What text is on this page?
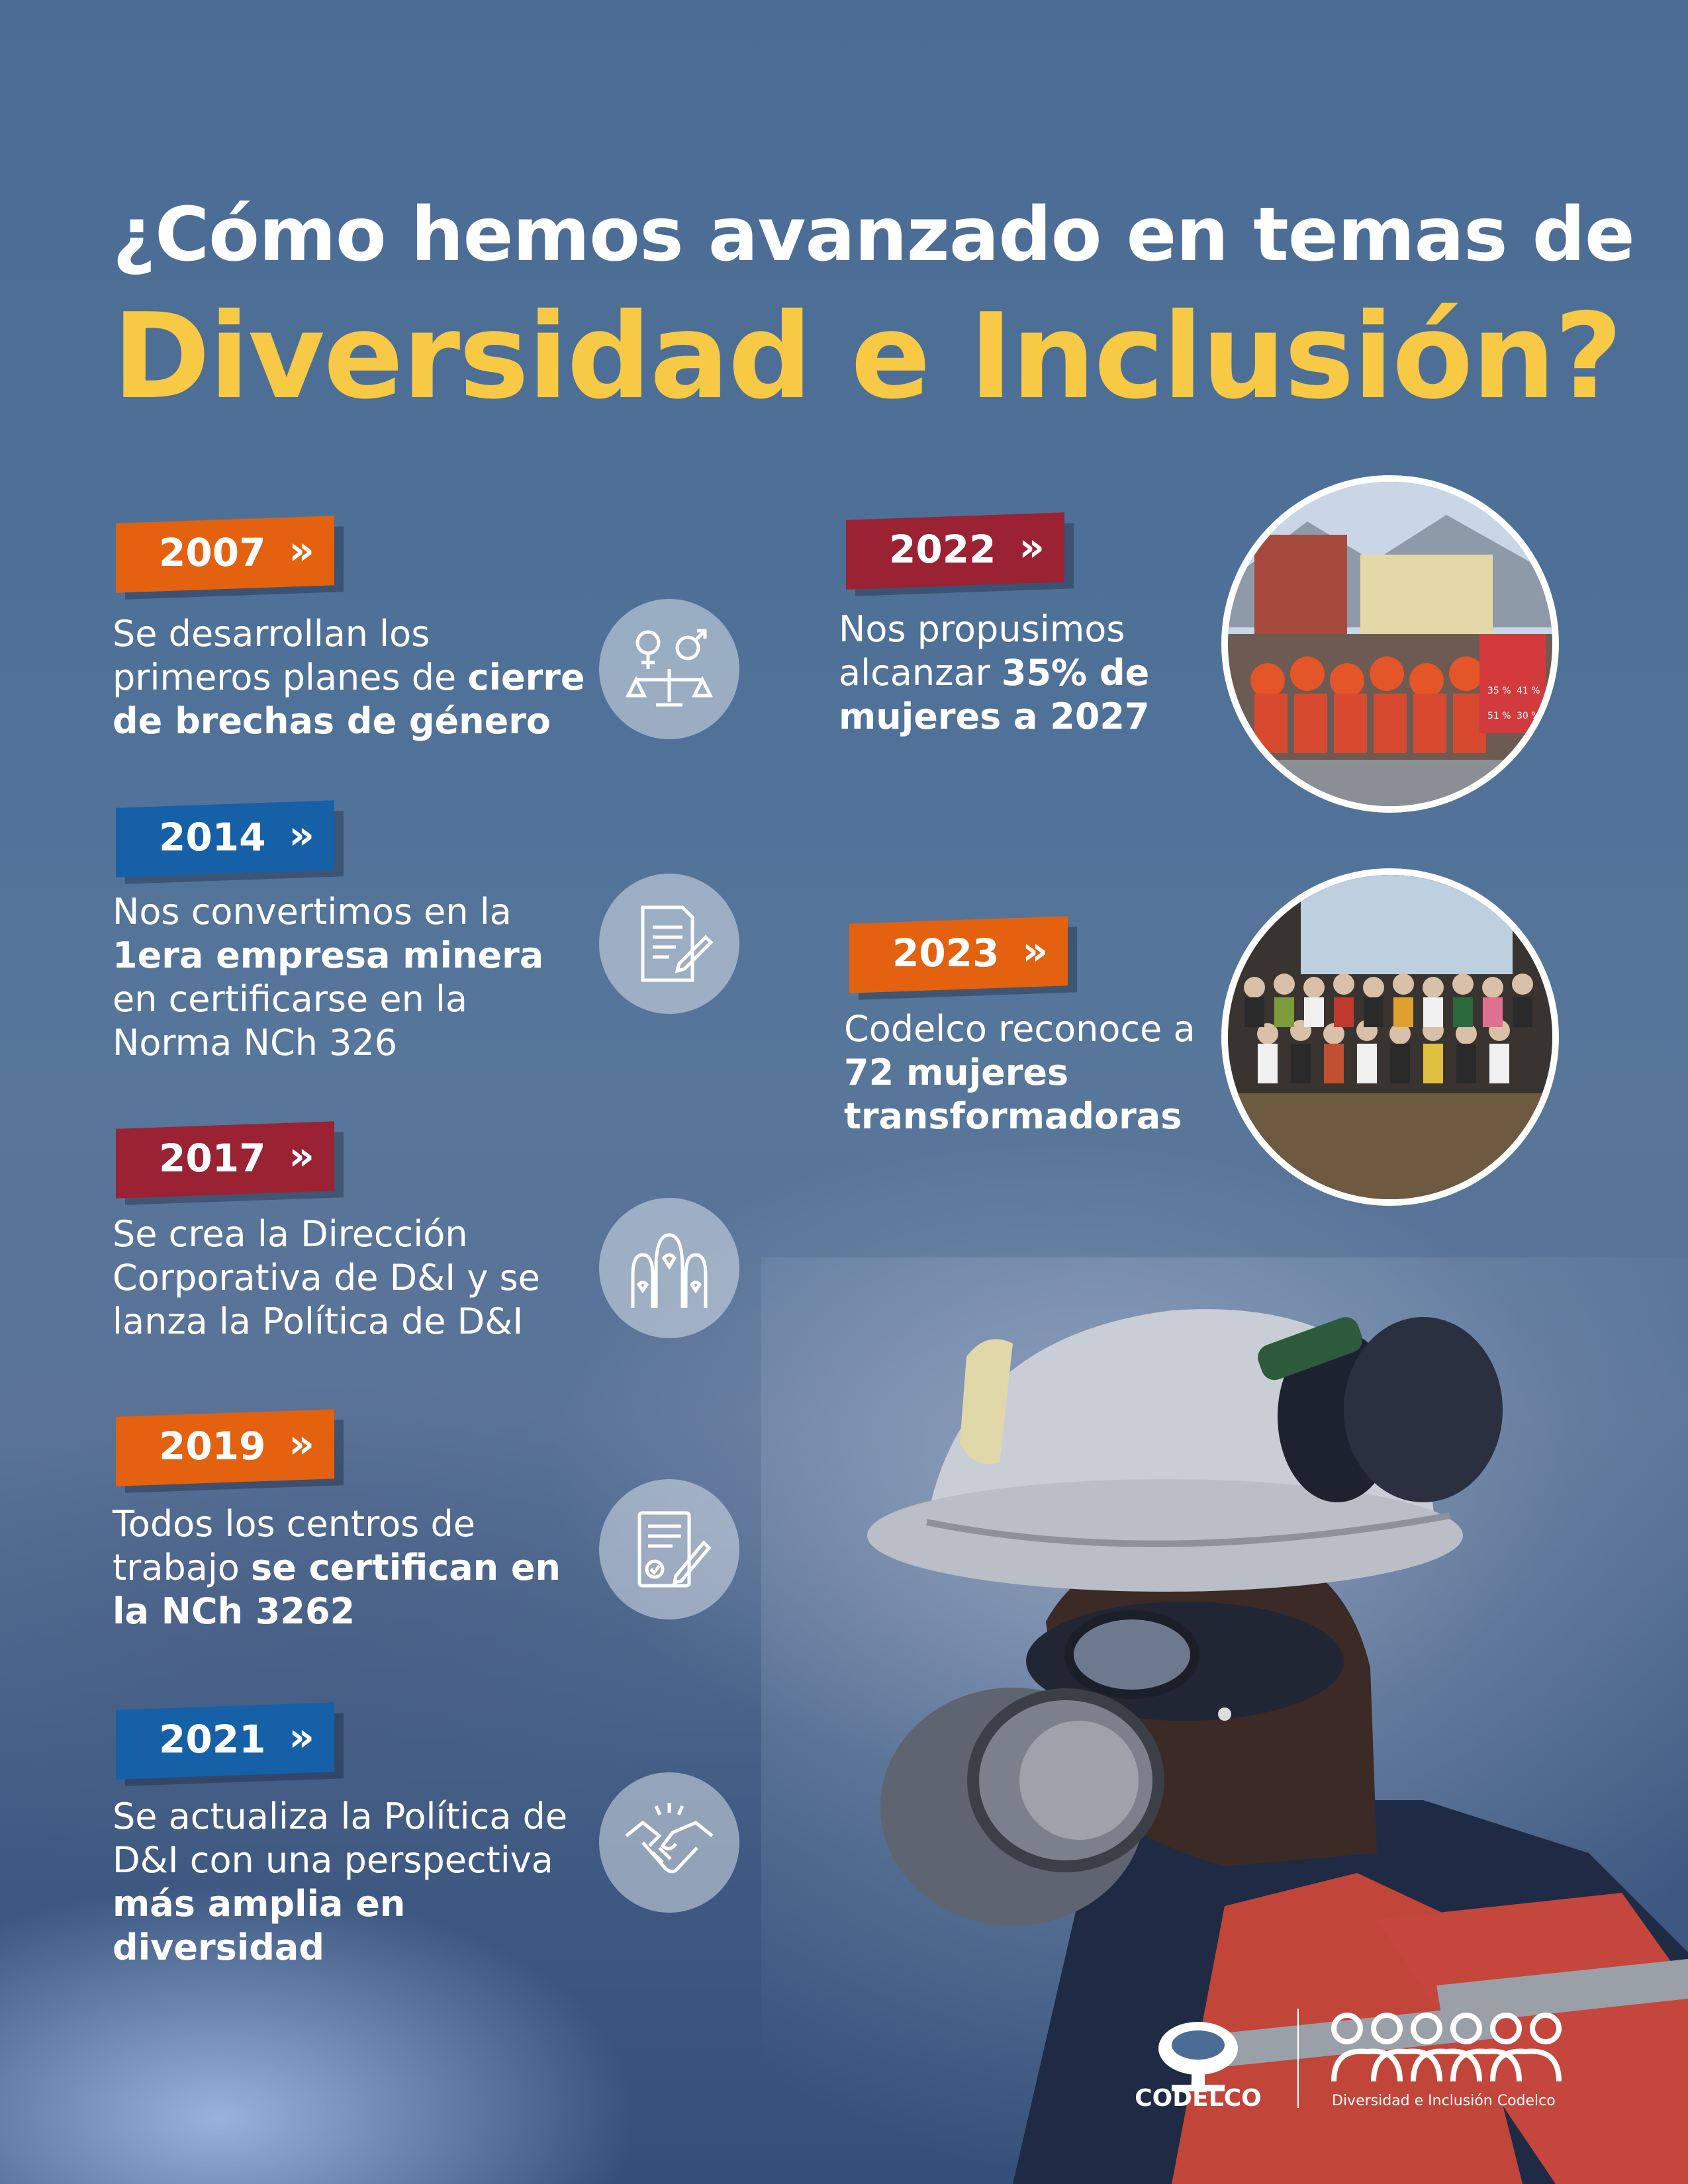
¿Cómo hemos avanzado en temas de
Diversidad e Inclusión?
2007 »
Se desarrollan los primeros planes de cierre de brechas de género
2014 »
Nos convertimos en la 1era empresa minera en certificarse en la Norma NCh 326
2017 »
Se crea la Dirección Corporativa de D&I y se lanza la Política de D&I
2019 »
Todos los centros de trabajo se certifican en la NCh 3262
2021 »
Se actualiza la Política de D&I con una perspectiva más amplia en diversidad
2022 »
Nos propusimos alcanzar 35% de mujeres a 2027
35 % 41 %
51 % 30 %
2023 »
Codelco reconoce a 72 mujeres transformadoras
CODELCO	Diversidad e Inclusión Codelco
